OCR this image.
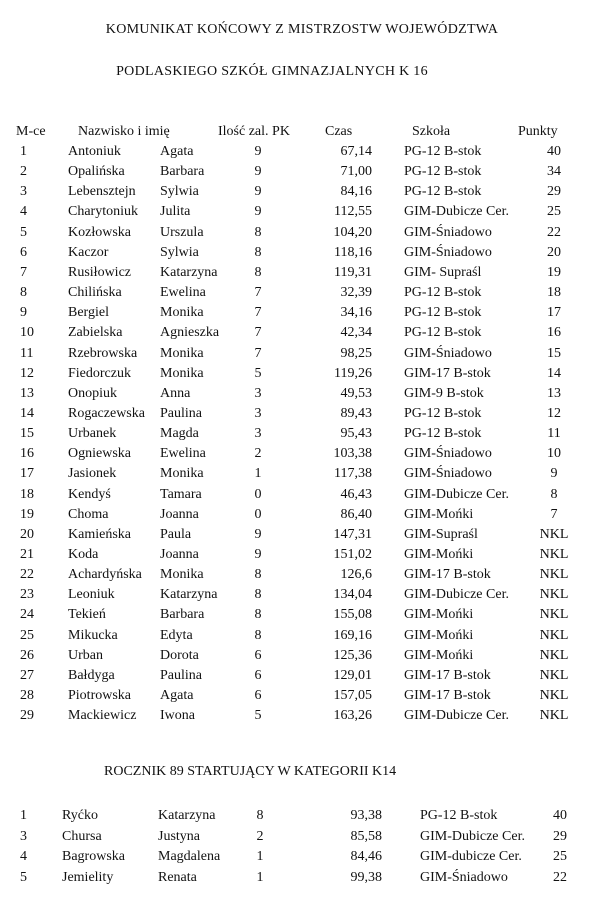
KOMUNIKAT KOŃCOWY Z MISTRZOSTW WOJEWÓDZTWA
PODLASKIEGO SZKÓŁ GIMNAZJALNYCH K 16
M-ce Nazwisko i imię	Ilość zal. PK	Czas	Szkoła	Punkty
1	Antoniuk	Agata	9	67,14 PG-12 B-stok	40
2	Opalińska	Barbara	9	71,00 PG-12 B-stok	34
3	Lebensztejn Sylwia	9	84,16 PG-12 B-stok	29
4	Charytoniuk Julita	9	112,55 GIM-Dubicze Cer.	25
5	Kozłowska Urszula	8	104,20 GIM-Śniadowo	22
6	Kaczor	Sylwia	8	118,16 GIM-Śniadowo	20
7	Rusiłowicz Katarzyna	8	119,31 GIM- Supraśl	19
8	Chilińska	Ewelina	7	32,39 PG-12 B-stok	18
9	Bergiel	Monika	7	34,16 PG-12 B-stok	17
10 Zabielska	Agnieszka	7	42,34 PG-12 B-stok	16
11 Rzebrowska Monika	7	98,25 GIM-Śniadowo	15
12 Fiedorczuk Monika	5	119,26 GIM-17 B-stok	14
13 Onopiuk	Anna	3	49,53 GIM-9 B-stok	13
14 Rogaczewska Paulina	3	89,43 PG-12 B-stok	12
15 Urbanek	Magda	3	95,43 PG-12 B-stok	11
16 Ogniewska Ewelina	2	103,38 GIM-Śniadowo	10
17 Jasionek	Monika	1	117,38 GIM-Śniadowo	9
18 Kendyś	Tamara	0	46,43 GIM-Dubicze Cer.	8
19 Choma	Joanna	0	86,40 GIM-Mońki	7
20 Kamieńska Paula	9	147,31 GIM-Supraśl	NKL
21 Koda	Joanna	9	151,02 GIM-Mońki	NKL
22 Achardyńska Monika	8	126,6 GIM-17 B-stok	NKL
23 Leoniuk	Katarzyna	8	134,04 GIM-Dubicze Cer.	NKL
24 Tekień	Barbara	8	155,08 GIM-Mońki	NKL
25 Mikucka	Edyta	8	169,16 GIM-Mońki	NKL
26 Urban	Dorota	6	125,36 GIM-Mońki	NKL
27 Bałdyga	Paulina	6	129,01 GIM-17 B-stok	NKL
28 Piotrowska Agata	6	157,05 GIM-17 B-stok	NKL
29 Mackiewicz Iwona	5	163,26 GIM-Dubicze Cer.	NKL
ROCZNIK 89 STARTUJĄCY W KATEGORII K14
1	Ryćko	Katarzyna	8	93,38	PG-12 B-stok	40
3	Chursa	Justyna	2	85,58	GIM-Dubicze Cer.	29
4	Bagrowska Magdalena	1	84,46	GIM-dubicze Cer.	25
5	Jemielity	Renata	1	99,38	GIM-Śniadowo	22
